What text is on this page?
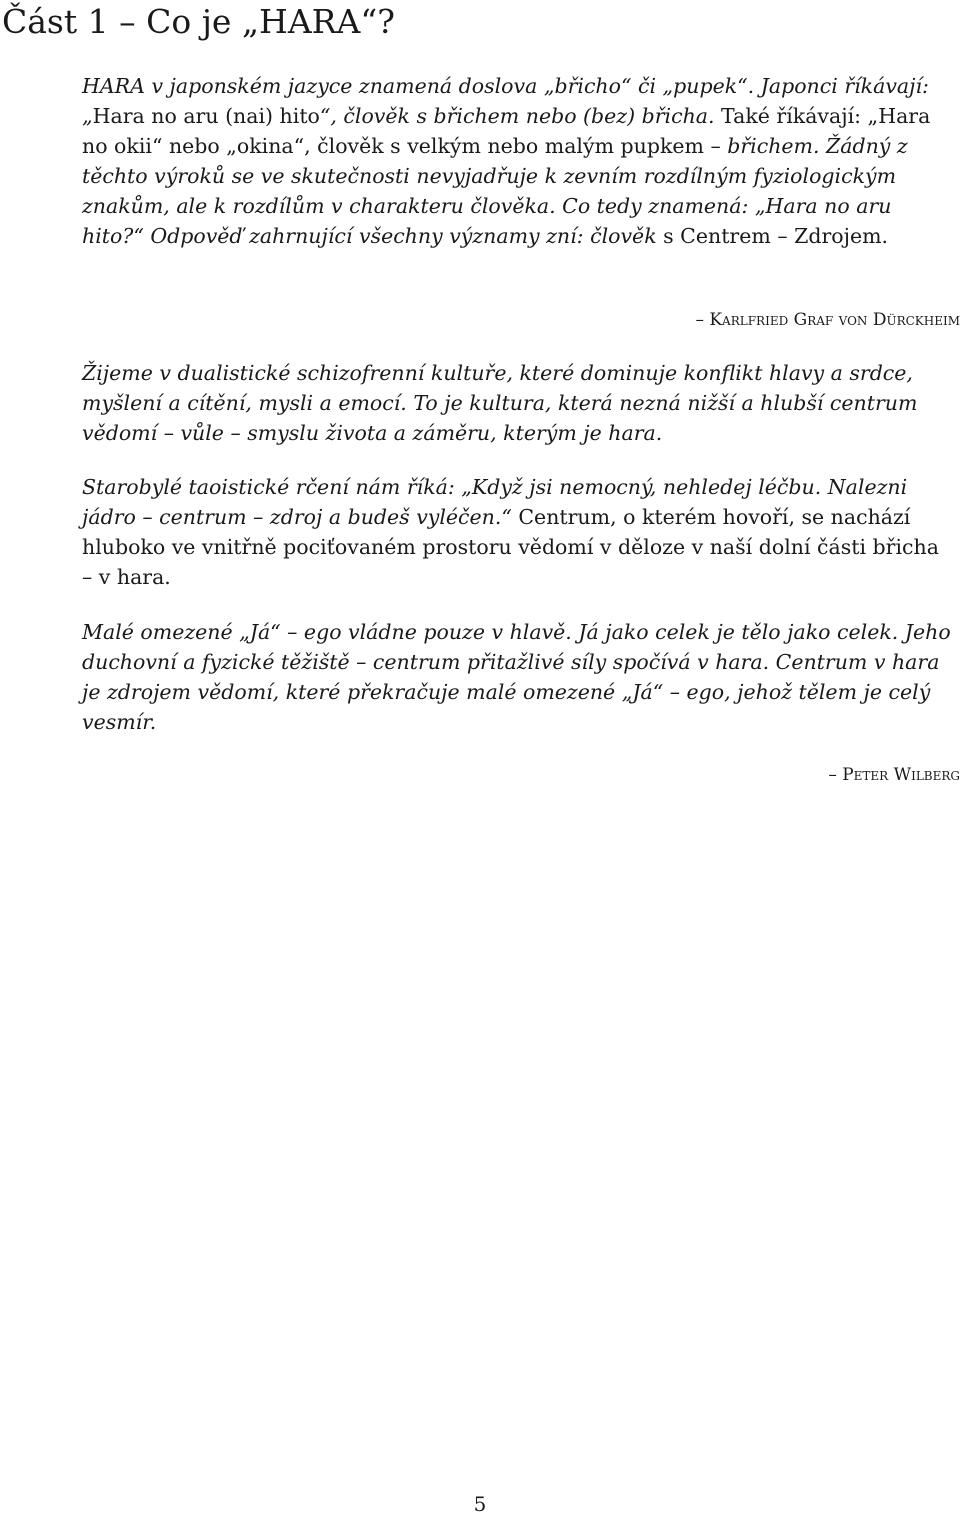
Část 1 – Co je „HARA“?

HARA v japonském jazyce znamená doslova „břicho“ či „pupek“. Japonci říkávají: „Hara no aru (nai) hito“, člověk s břichem nebo (bez) břicha. Také říkávají: „Hara no okii“ nebo „okina“, člověk s velkým nebo malým pupkem – břichem. Žádný z těchto výroků se ve skutečnosti nevyjadřuje k zevním rozdílným fyziologickým znakům, ale k rozdílům v charakteru člověka. Co tedy znamená: „Hara no aru hito?“ Odpověď zahrnující všechny významy zní: člověk s Centrem – Zdrojem.

– Karlfried Graf von Dürckheim

Žijeme v dualistické schizofrenní kultuře, které dominuje konflikt hlavy a srdce, myšlení a cítění, mysli a emocí. To je kultura, která nezná nižší a hlubší centrum vědomí – vůle – smyslu života a záměru, kterým je hara.

Starobylé taoistické rčení nám říká: „Když jsi nemocný, nehledej léčbu. Nalezni jádro – centrum – zdroj a budeš vyléčen.“ Centrum, o kterém hovoří, se nachází hluboko ve vnitřně pociťovaném prostoru vědomí v děloze v naší dolní části břicha – v hara.

Malé omezené „Já“ – ego vládne pouze v hlavě. Já jako celek je tělo jako celek. Jeho duchovní a fyzické těžiště – centrum přitažlivé síly spočívá v hara. Centrum v hara je zdrojem vědomí, které překračuje malé omezené „Já“ – ego, jehož tělem je celý vesmír.

– Peter Wilberg

5
